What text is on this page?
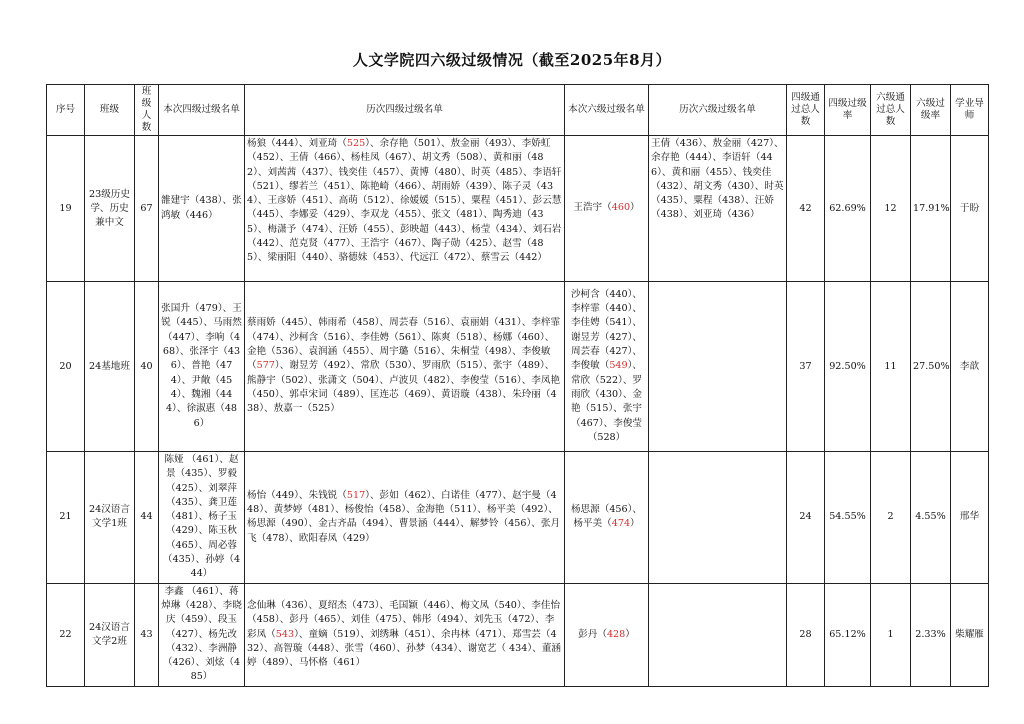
人文学院四六级过级情况（截至2025年8月）
序号	班级	班级人数	本次四级过级名单	历次四级过级名单	本次六级过级名单	历次六级过级名单	四级通过总人数	四级过级率	六级通过总人数	六级过级率	学业导师
19	23级历史学、历史兼中文	67	雒建宇（438）、张鸿敏（446）	杨狼（444）、刘亚琦（525）、余存艳（501）、敖金丽（493）、李娇虹（452）、王倩（466）、杨桂凤（467）、胡文秀（508）、黄和丽（482）、刘茜茜（437）、钱奕佳（457）、黄博（480）、时英（485）、李语轩（521）、缪若兰（451）、陈艳崎（466）、胡雨娇（439）、陈子灵（434）、王彦娇（451）、高萌（512）、徐媛媛（515）、粟程（451）、彭云慧（445）、李娜妥（429）、李双龙（455）、张文（481）、陶秀迪（435）、梅潇予（474）、汪娇（455）、彭映超（443）、杨莹（434）、刘石岩（442）、范克贤（477）、王浩宇（467）、陶子勋（425）、赵雪（485）、梁丽阳（440）、骆德妹（453）、代远江（472）、蔡雪云（442）	王浩宇（460）	王倩（436）、敖金丽（427）、余存艳（444）、李语轩（446）、黄和丽（455）、钱奕佳（432）、胡文秀（430）、时英（435）、粟程（438）、汪娇（438）、刘亚琦（436）	42	62.69%	12	17.91%	于盼
20	24基地班	40	张国升（479）、王锐（445）、马雨然（447）、李响（468）、张泽宇（436）、普艳（474）、尹敞（454）、魏湘（444）、徐淑惠（486）	蔡雨娇（445）、韩雨希（458）、周芸春（516）、袁丽娟（431）、李梓霏（474）、沙柯含（516）、李佳娉（561）、陈爽（518）、杨娜（460）、金艳（536）、袁润涵（455）、周宇璐（516）、朱桐莹（498）、李俊敏（577）、谢昱芳（492）、常欣（530）、罗雨欣（515）、张宇（489）、熊静宇（502）、张潇文（504）、卢波贝（482）、李俊莹（516）、李凤艳（450）、郭卓宋词（489）、匡连芯（469）、黄语璇（438）、朱玲丽（438）、敖嘉一（525）	沙柯含（440）、李梓霏（440）、李佳娉（541）、谢昱芳（427）、周芸春（427）、李俊敏（549）、常欣（522）、罗雨欣（430）、金艳（515）、张宇（467）、李俊莹（528）		37	92.50%	11	27.50%	李歆
21	24汉语言文学1班	44	陈娅 （461）、赵景（435）、罗毅（425）、刘翠萍（435）、龚卫莲（481）、杨子玉（429）、陈玉秋（465）、周必蓉（435）、孙婷（444）	杨怡（449）、朱钱锐（517）、彭如（462）、白诺佳（477）、赵宇曼（448）、黄梦婷（481）、杨俊怡（458）、金海艳（511）、杨平美（492）、杨思源（490）、金古齐晶（494）、曹景涵（444）、解梦铃（456）、张月飞（478）、欧阳春凤（429）	杨思源（456）、杨平美（474）		24	54.55%	2	4.55%	邢华
22	24汉语言文学2班	43	李鑫 （461）、蒋焯琳（428）、李晓庆（459）、段玉（427）、杨先改（432）、李洲静（426）、刘炫（485）	念仙琳（436）、夏绍杰（473）、毛国颖（446）、梅文凤（540）、李佳怡（458）、彭丹（465）、刘佳（475）、韩彤（494）、刘先玉（472）、李彩凤（543）、童嫡（519）、刘绣琳（451）、余冉林（471）、郑雪芸（432）、高智璇（448）、张雪（460）、孙梦（434）、谢宽艺（ 434）、董涵婷（489）、马怀格（461）	彭丹（428）		28	65.12%	1	2.33%	柴耀雁
